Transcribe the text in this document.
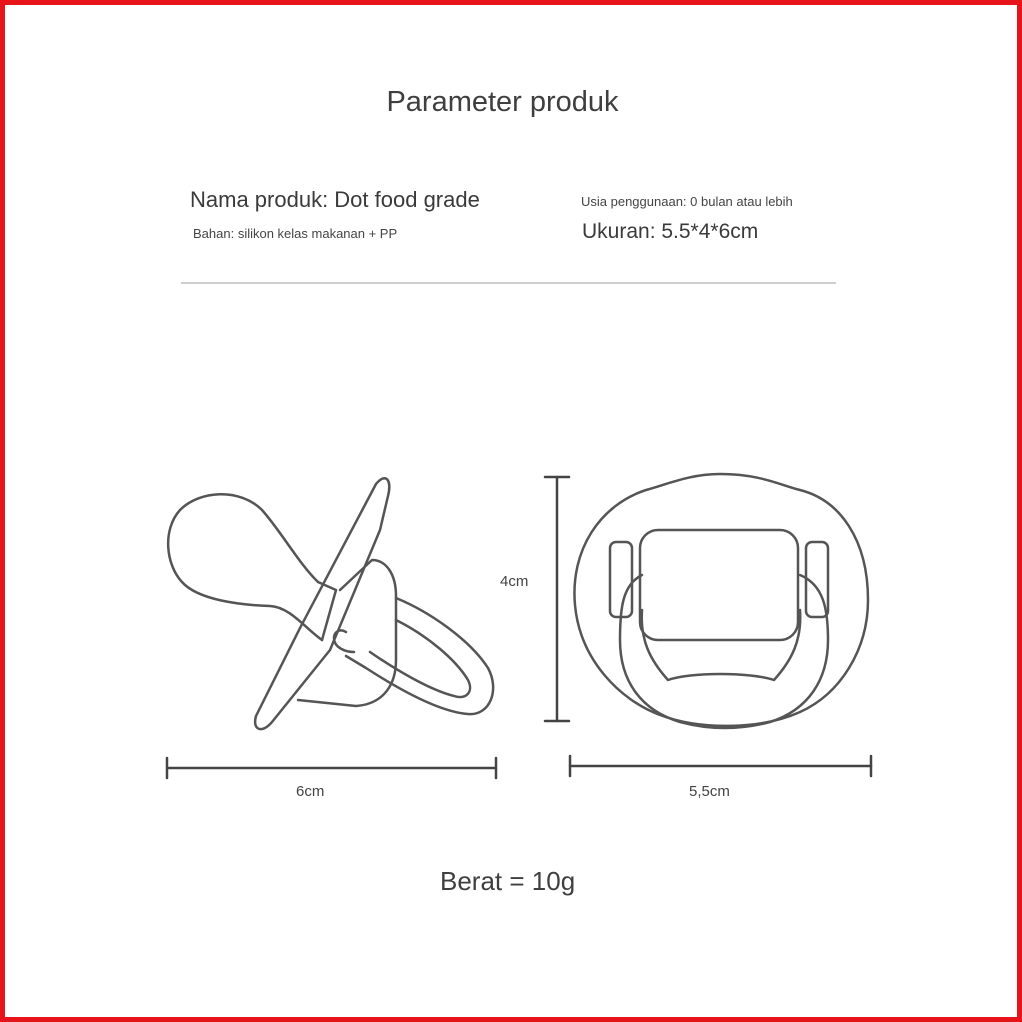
Parameter produk
Nama produk: Dot food grade
Bahan: silikon kelas makanan + PP
Usia penggunaan: 0 bulan atau lebih
Ukuran: 5.5*4*6cm
4cm
6cm	5,5cm
Berat = 10g
